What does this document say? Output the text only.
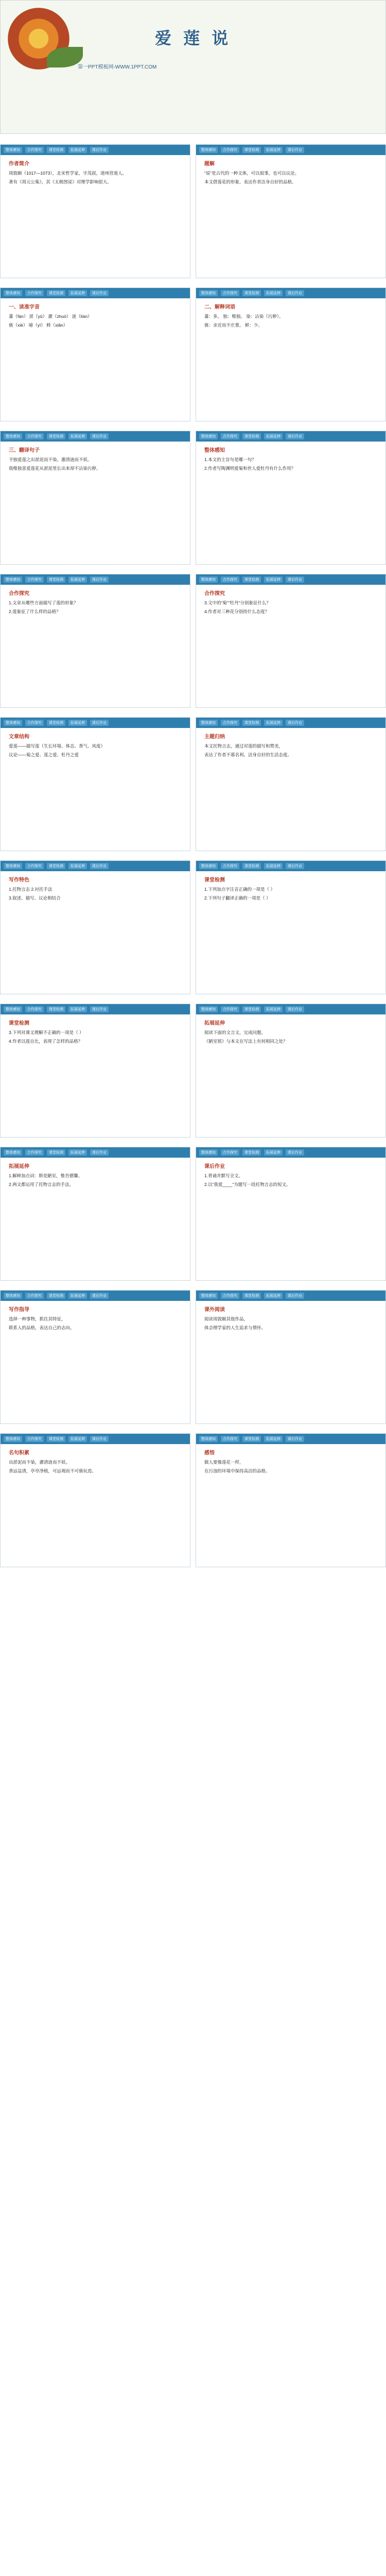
爱 莲 说
第一PPT模板网-WWW.1PPT.COM
整体感知	合作探究	课堂检测	拓展延伸	课后作业
作者简介

周敦颐（1017—1073），北宋哲学家，字茂叔，道州营道人。

著有《周元公集》，其《太极图说》对理学影响很大。

整体感知	合作探究	课堂检测	拓展延伸	课后作业
题解

“说”是古代的一种文体，可以叙事，也可以议论。

本文借莲花的形象，表达作者洁身自好的品格。

整体感知	合作探究	课堂检测	拓展延伸	课后作业
一、读准字音

蕃（fán） 淤（yū） 濯（zhuó） 涟（lián）

亵（xiè） 噫（yī） 鲜（xiǎn）

整体感知	合作探究	课堂检测	拓展延伸	课后作业
二、解释词语

蕃：多。 独：唯独。 染：沾染（污秽）。

亵：亲近而不庄重。 鲜：少。

整体感知	合作探究	课堂检测	拓展延伸	课后作业
三、翻译句子

予独爱莲之出淤泥而不染，濯清涟而不妖。

我唯独喜爱莲花从淤泥里长出来却不沾染污秽。

整体感知	合作探究	课堂检测	拓展延伸	课后作业
整体感知

1.本文的主旨句是哪一句？

2.作者写陶渊明爱菊和世人爱牡丹有什么作用？

整体感知	合作探究	课堂检测	拓展延伸	课后作业
合作探究

1.文章从哪些方面描写了莲的形象？

2.莲象征了什么样的品格？

整体感知	合作探究	课堂检测	拓展延伸	课后作业
合作探究

3.文中的“菊”“牡丹”分别象征什么？

4.作者对三种花分别持什么态度？

整体感知	合作探究	课堂检测	拓展延伸	课后作业
文章结构

爱莲——描写莲（生长环境、体态、香气、风度）

议论——菊之爱、莲之爱、牡丹之爱

整体感知	合作探究	课堂检测	拓展延伸	课后作业
主题归纳

本文托物言志，通过对莲的描写和赞美，

表达了作者不慕名利、洁身自好的生活态度。

整体感知	合作探究	课堂检测	拓展延伸	课后作业
写作特色

1.托物言志 2.衬托手法

3.叙述、描写、议论相结合

整体感知	合作探究	课堂检测	拓展延伸	课后作业
课堂检测

1.下列加点字注音正确的一项是（ ）

2.下列句子翻译正确的一项是（ ）

整体感知	合作探究	课堂检测	拓展延伸	课后作业
课堂检测

3.下列对课文理解不正确的一项是（ ）

4.作者以莲自比，表现了怎样的品格？

整体感知	合作探究	课堂检测	拓展延伸	课后作业
拓展延伸

阅读下面的文言文，完成问题。

《陋室铭》与本文在写法上有何相同之处？

整体感知	合作探究	课堂检测	拓展延伸	课后作业
拓展延伸

1.解释加点词：斯是陋室，惟吾德馨。

2.两文都运用了托物言志的手法。

整体感知	合作探究	课堂检测	拓展延伸	课后作业
课后作业

1.背诵并默写全文。

2.以“我爱____”为题写一段托物言志的短文。

整体感知	合作探究	课堂检测	拓展延伸	课后作业
写作指导

选择一种事物，抓住其特征，

联系人的品格，表达自己的志向。

整体感知	合作探究	课堂检测	拓展延伸	课后作业
课外阅读

阅读周敦颐其他作品，

体会理学家的人生追求与情怀。

整体感知	合作探究	课堂检测	拓展延伸	课后作业
名句积累

出淤泥而不染，濯清涟而不妖。

香远益清，亭亭净植，可远观而不可亵玩焉。

整体感知	合作探究	课堂检测	拓展延伸	课后作业
感悟

做人要像莲花一样，

在污浊的环境中保持高洁的品格。
